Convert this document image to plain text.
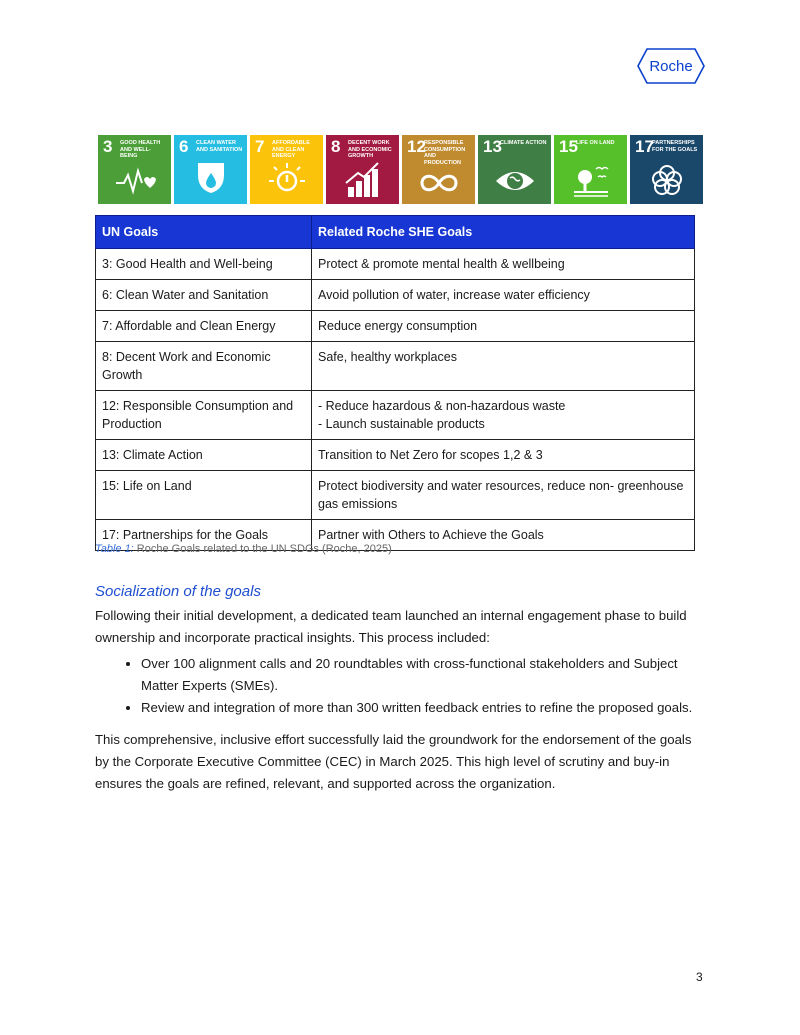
Roche
3 GOOD HEALTH AND WELL-BEING	6 CLEAN WATER AND SANITATION 7 AFFORDABLE AND CLEAN ENERGY	8 DECENT WORK AND ECONOMIC GROWTH	12
RESPONSIBLE CONSUMPTION AND PRODUCTION
13
CLIMATE ACTION 15
LIFE ON LAND	17
PARTNERSHIPS FOR THE GOALS
UN Goals	Related Roche SHE Goals
3: Good Health and Well-being	Protect & promote mental health & wellbeing
6: Clean Water and Sanitation	Avoid pollution of water, increase water efficiency
7: Affordable and Clean Energy	Reduce energy consumption
8: Decent Work and Economic Growth	Safe, healthy workplaces
12: Responsible Consumption and Production	- Reduce hazardous & non-hazardous waste
- Launch sustainable products

13: Climate Action	Transition to Net Zero for scopes 1,2 & 3
15: Life on Land	Protect biodiversity and water resources, reduce non- greenhouse gas emissions
17: Partnerships for the Goals	Partner with Others to Achieve the Goals
Table 1: Roche Goals related to the UN SDGs (Roche, 2025)
Socialization of the goals
Following their initial development, a dedicated team launched an internal engagement phase to build ownership and incorporate practical insights. This process included:
• Over 100 alignment calls and 20 roundtables with cross-functional stakeholders and Subject Matter Experts (SMEs).
• Review and integration of more than 300 written feedback entries to refine the proposed goals.
This comprehensive, inclusive effort successfully laid the groundwork for the endorsement of the goals by the Corporate Executive Committee (CEC) in March 2025. This high level of scrutiny and buy-in ensures the goals are refined, relevant, and supported across the organization.
3
